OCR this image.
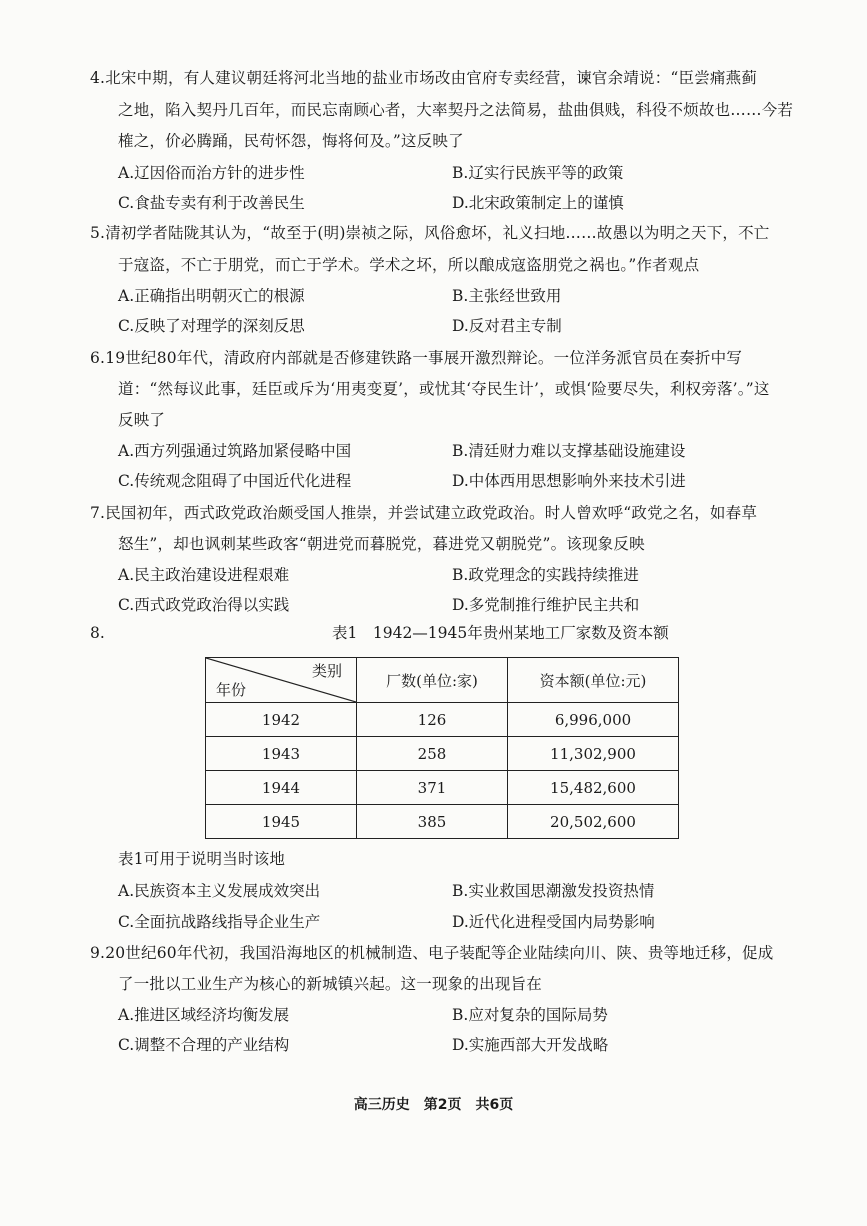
4.北宋中期，有人建议朝廷将河北当地的盐业市场改由官府专卖经营，谏官余靖说：“臣尝痛燕蓟
之地，陷入契丹几百年，而民忘南顾心者，大率契丹之法简易，盐曲俱贱，科役不烦故也……今若
榷之，价必腾踊，民苟怀怨，悔将何及。”这反映了
A.辽因俗而治方针的进步性	B.辽实行民族平等的政策
C.食盐专卖有利于改善民生	D.北宋政策制定上的谨慎
5.清初学者陆陇其认为，“故至于(明)崇祯之际，风俗愈坏，礼义扫地……故愚以为明之天下，不亡
于寇盗，不亡于朋党，而亡于学术。学术之坏，所以酿成寇盗朋党之祸也。”作者观点
A.正确指出明朝灭亡的根源	B.主张经世致用
C.反映了对理学的深刻反思	D.反对君主专制
6.19世纪80年代，清政府内部就是否修建铁路一事展开激烈辩论。一位洋务派官员在奏折中写
道：“然每议此事，廷臣或斥为‘用夷变夏’，或忧其‘夺民生计’，或惧‘险要尽失，利权旁落’。”这
反映了
A.西方列强通过筑路加紧侵略中国	B.清廷财力难以支撑基础设施建设
C.传统观念阻碍了中国近代化进程	D.中体西用思想影响外来技术引进
7.民国初年，西式政党政治颇受国人推崇，并尝试建立政党政治。时人曾欢呼“政党之名，如春草
怒生”，却也讽刺某些政客“朝进党而暮脱党，暮进党又朝脱党”。该现象反映
A.民主政治建设进程艰难	B.政党理念的实践持续推进
C.西式政党政治得以实践	D.多党制推行维护民主共和
8.	表1　1942—1945年贵州某地工厂家数及资本额
类别
年份	厂数(单位:家)	资本额(单位:元)
1942	126	6,996,000
1943	258	11,302,900
1944	371	15,482,600
1945	385	20,502,600
表1可用于说明当时该地
A.民族资本主义发展成效突出	B.实业救国思潮激发投资热情
C.全面抗战路线指导企业生产	D.近代化进程受国内局势影响
9.20世纪60年代初，我国沿海地区的机械制造、电子装配等企业陆续向川、陕、贵等地迁移，促成
了一批以工业生产为核心的新城镇兴起。这一现象的出现旨在
A.推进区域经济均衡发展	B.应对复杂的国际局势
C.调整不合理的产业结构	D.实施西部大开发战略
高三历史　第2页　共6页
